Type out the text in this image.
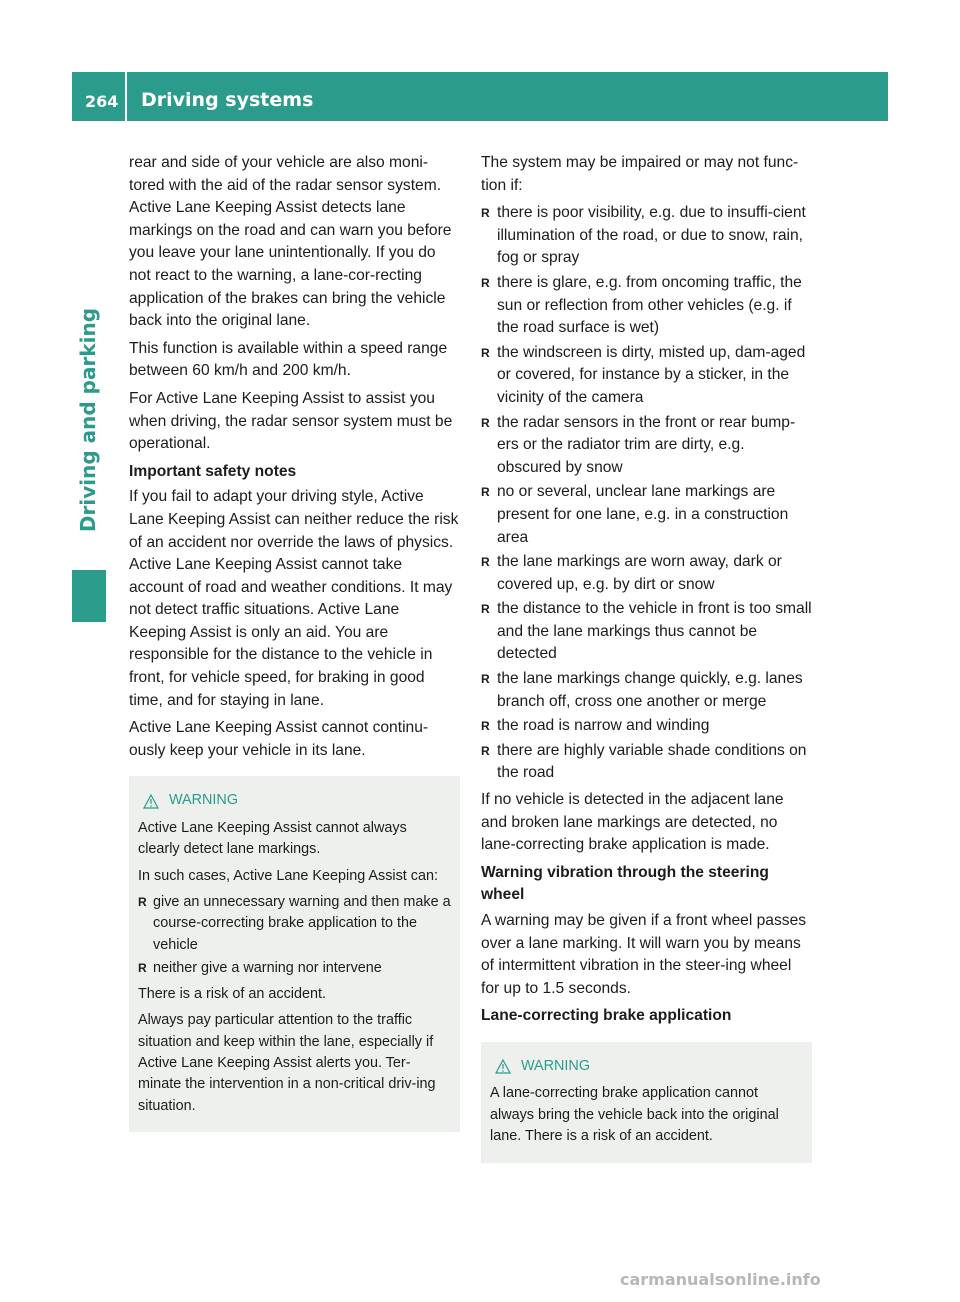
264 Driving systems
Driving and parking

rear and side of your vehicle are also moni-tored with the aid of the radar sensor system. Active Lane Keeping Assist detects lane markings on the road and can warn you before you leave your lane unintentionally. If you do not react to the warning, a lane-cor-recting application of the brakes can bring the vehicle back into the original lane.

This function is available within a speed range between 60 km/h and 200 km/h.

For Active Lane Keeping Assist to assist you when driving, the radar sensor system must be operational.

Important safety notes

If you fail to adapt your driving style, Active Lane Keeping Assist can neither reduce the risk of an accident nor override the laws of physics. Active Lane Keeping Assist cannot take account of road and weather conditions. It may not detect traffic situations. Active Lane Keeping Assist is only an aid. You are responsible for the distance to the vehicle in front, for vehicle speed, for braking in good time, and for staying in lane.

Active Lane Keeping Assist cannot continu-ously keep your vehicle in its lane.

WARNING

Active Lane Keeping Assist cannot always clearly detect lane markings.

In such cases, Active Lane Keeping Assist can:

R give an unnecessary warning and then make a course-correcting brake application to the vehicle
R neither give a warning nor intervene

There is a risk of an accident.

Always pay particular attention to the traffic situation and keep within the lane, especially if Active Lane Keeping Assist alerts you. Ter-minate the intervention in a non-critical driv-ing situation.

The system may be impaired or may not func-tion if:

R there is poor visibility, e.g. due to insuffi-cient illumination of the road, or due to snow, rain, fog or spray
R there is glare, e.g. from oncoming traffic, the sun or reflection from other vehicles (e.g. if the road surface is wet)
R the windscreen is dirty, misted up, dam-aged or covered, for instance by a sticker, in the vicinity of the camera
R the radar sensors in the front or rear bump-ers or the radiator trim are dirty, e.g. obscured by snow
R no or several, unclear lane markings are present for one lane, e.g. in a construction area
R the lane markings are worn away, dark or covered up, e.g. by dirt or snow
R the distance to the vehicle in front is too small and the lane markings thus cannot be detected
R the lane markings change quickly, e.g. lanes branch off, cross one another or merge
R the road is narrow and winding
R there are highly variable shade conditions on the road

If no vehicle is detected in the adjacent lane and broken lane markings are detected, no lane-correcting brake application is made.

Warning vibration through the steering wheel

A warning may be given if a front wheel passes over a lane marking. It will warn you by means of intermittent vibration in the steer-ing wheel for up to 1.5 seconds.

Lane-correcting brake application
WARNING

A lane-correcting brake application cannot always bring the vehicle back into the original lane. There is a risk of an accident.

carmanualsonline.info
